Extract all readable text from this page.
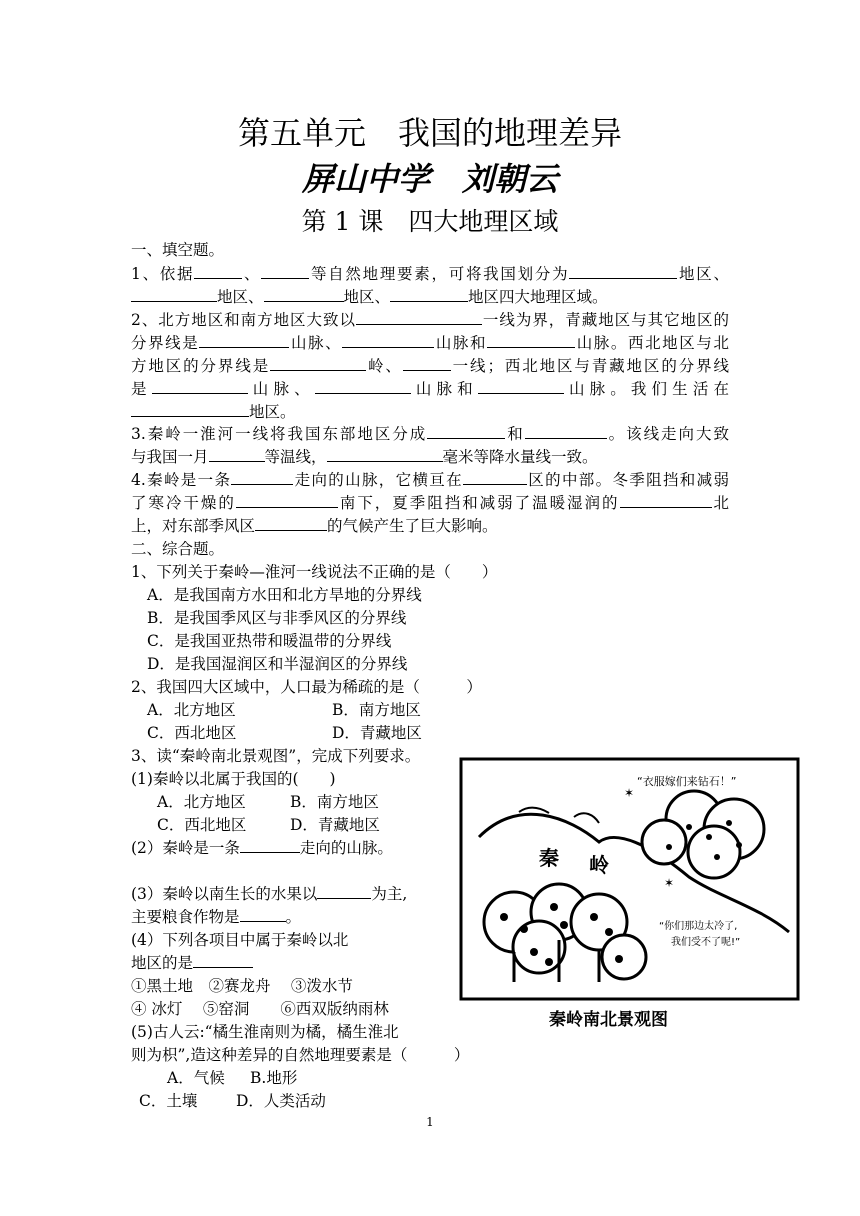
第五单元　我国的地理差异
屏山中学　刘朝云
第 1 课　四大地理区域
一、填空题。
1、依据	、	等自然地理要素，可将我国划分为	地区、
地区、	地区、	地区四大地理区域。
2、北方地区和南方地区大致以	一线为界，青藏地区与其它地区的
分界线是	山脉、	山脉和	山脉。西北地区与北
方地区的分界线是	岭、	一线；西北地区与青藏地区的分界线
是	山脉、	山脉和	山脉。我们生活在
地区。
3.秦岭一淮河一线将我国东部地区分成	和	。该线走向大致
与我国一月	等温线，	毫米等降水量线一致。
4.秦岭是一条	走向的山脉，它横亘在	区的中部。冬季阻挡和减弱
了寒冷干燥的	南下，夏季阻挡和减弱了温暖湿润的	北
上，对东部季风区	的气候产生了巨大影响。
二、综合题。
1、下列关于秦岭—淮河一线说法不正确的是（　　）
A．是我国南方水田和北方旱地的分界线
B．是我国季风区与非季风区的分界线
C．是我国亚热带和暖温带的分界线
D．是我国湿润区和半湿润区的分界线
2、我国四大区域中，人口最为稀疏的是（　　　）
A．北方地区	B．南方地区
C．西北地区	D．青藏地区
3、读“秦岭南北景观图”，完成下列要求。
(1)秦岭以北属于我国的(　　)
A．北方地区	B．南方地区
C．西北地区	D．青藏地区
(2）秦岭是一条	走向的山脉。
(3）秦岭以南生长的水果以	为主,
主要粮食作物是	。
(4）下列各项目中属于秦岭以北
地区的是
①黑土地　②赛龙舟　 ③泼水节
④ 冰灯　 ⑤窑洞　　⑥西双版纳雨林
(5)古人云:“橘生淮南则为橘，橘生淮北
则为枳”,造这种差异的自然地理要素是（　　　）
A．气候 B.地形
C．土壤 D．人类活动
秦 岭
“衣服嫁们来钻石！”
“你们那边太冷了,
我们受不了呢!”
✶
✶
秦岭南北景观图
1
